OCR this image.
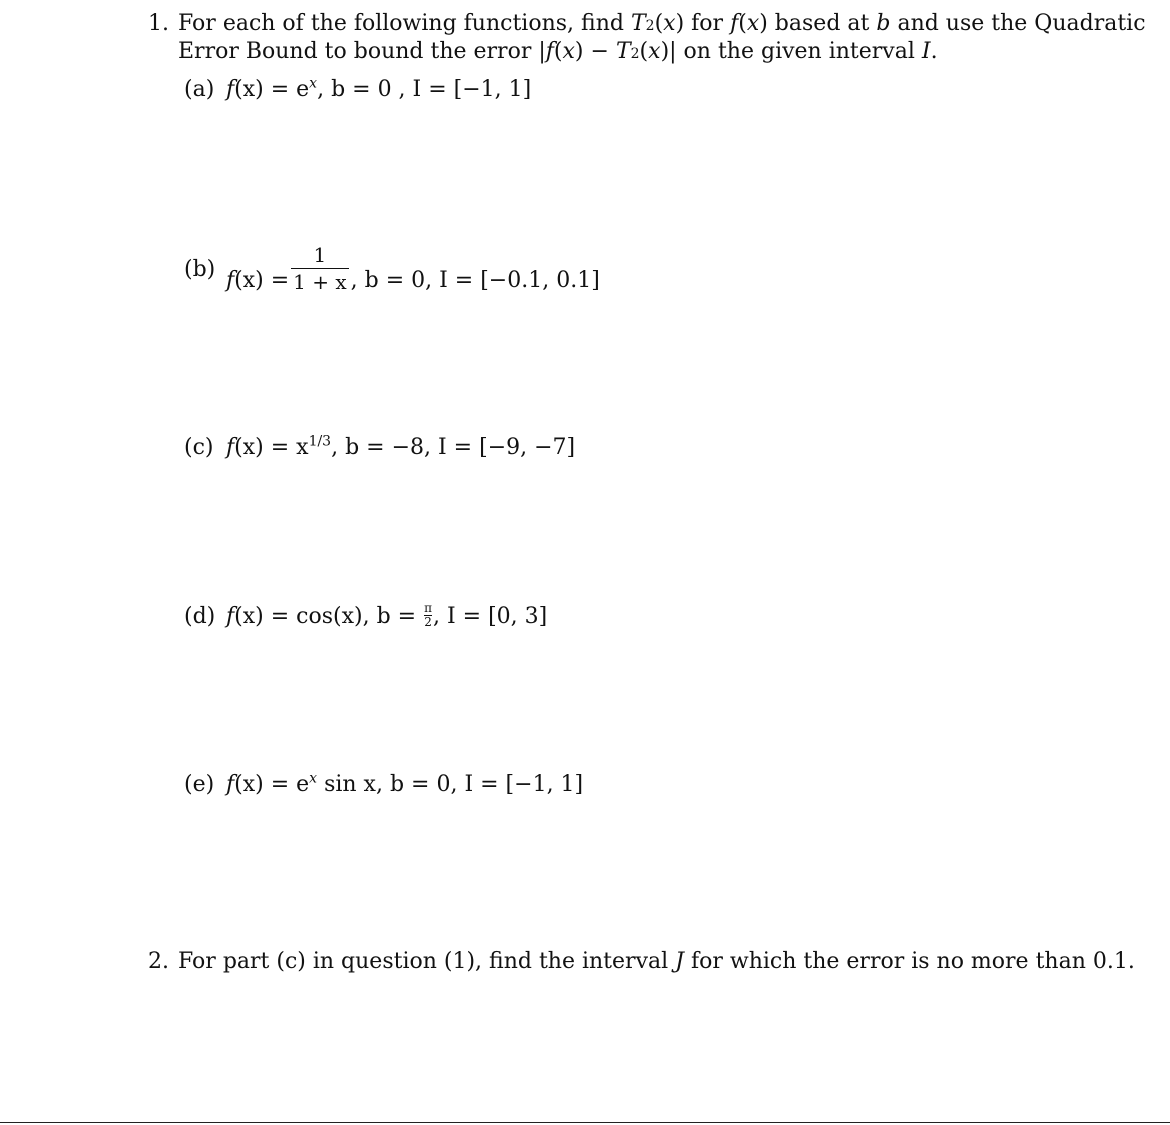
1. For each of the following functions, find T2(x) for f(x) based at b and use the Quadratic
Error Bound to bound the error |f(x) − T2(x)| on the given interval I.
(a) $f(x) = e^x$, b = 0 , I = [−1, 1]
(b) $f(x) = \frac{1}{1 + x}$ , b = 0, I = [−0.1, 0.1]
(c) $f(x) = x^{1/3}$, b = −8, I = [−9, −7]
(d) f(x) = cos(x), $b = \frac{\pi}{2}$, I = [0, 3]
(e) $f(x) = e^x$ sin x, b = 0, I = [−1, 1]
2. For part (c) in question (1), find the interval J for which the error is no more than 0.1.
